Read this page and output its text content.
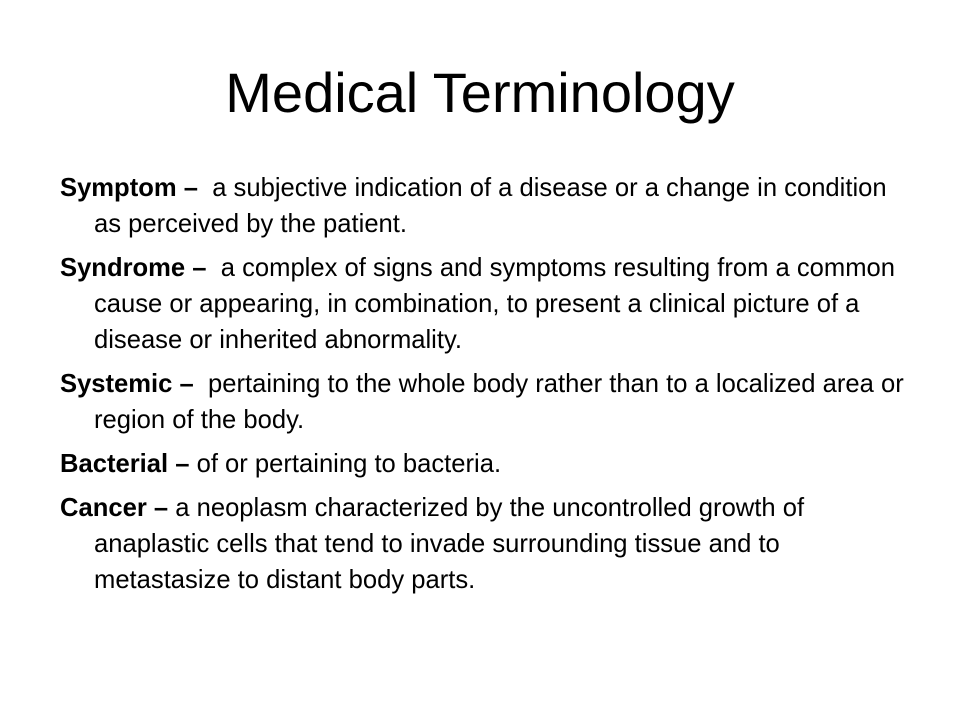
Medical Terminology
Symptom – a subjective indication of a disease or a change in condition as perceived by the patient.
Syndrome – a complex of signs and symptoms resulting from a common cause or appearing, in combination, to present a clinical picture of a disease or inherited abnormality.
Systemic – pertaining to the whole body rather than to a localized area or region of the body.
Bacterial – of or pertaining to bacteria.
Cancer – a neoplasm characterized by the uncontrolled growth of anaplastic cells that tend to invade surrounding tissue and to metastasize to distant body parts.
